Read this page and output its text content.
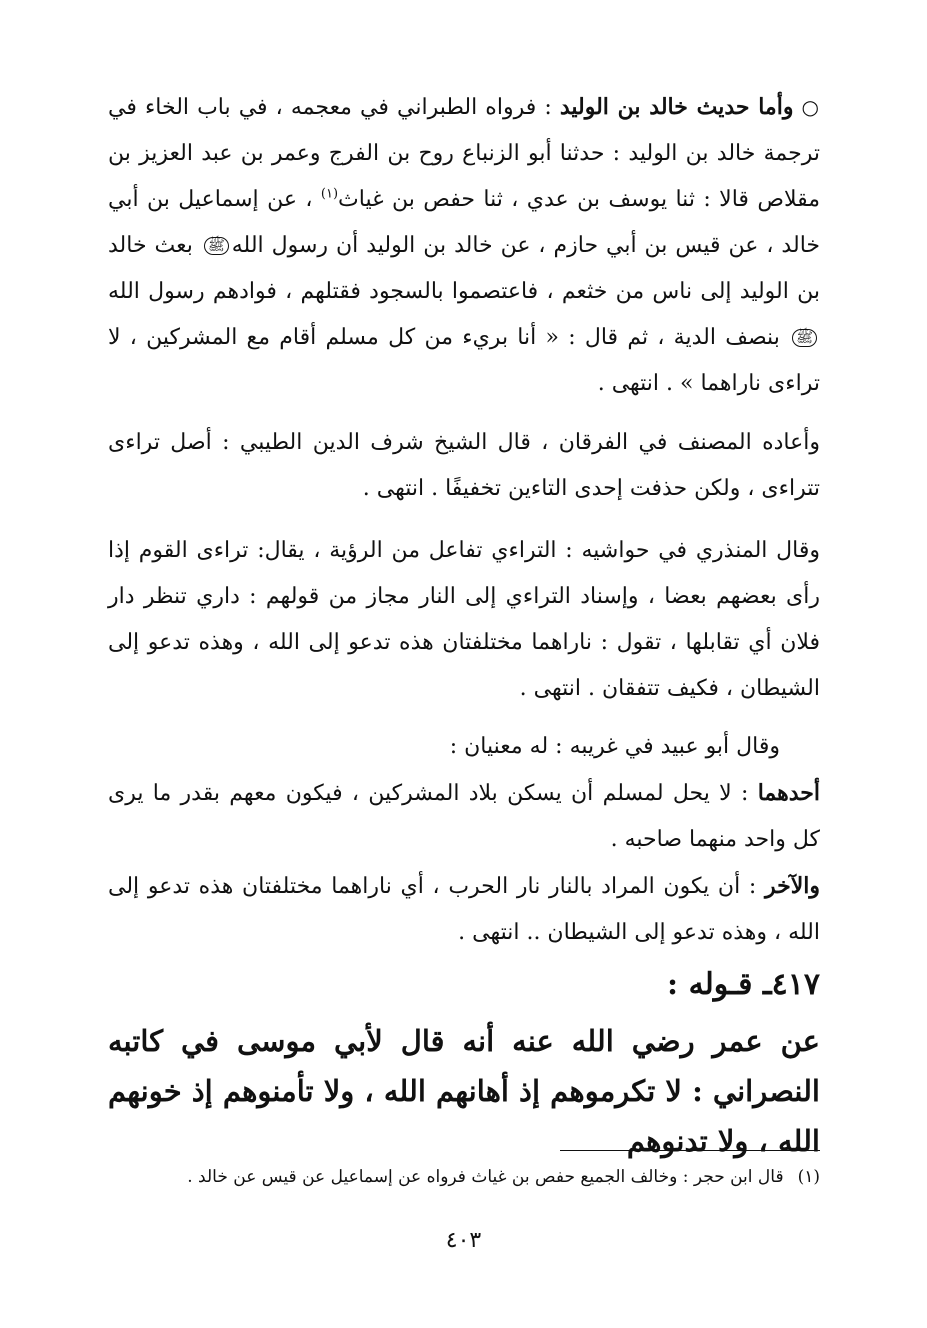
○وأما حديث خالد بن الوليد : فرواه الطبراني في معجمه ، في باب الخاء في ترجمة خالد بن الوليد : حدثنا أبو الزنباع روح بن الفرج وعمر بن عبد العزيز بن مقلاص قالا : ثنا يوسف بن عدي ، ثنا حفص بن غياث$^{(١)}$ ، عن إسماعيل بن أبي خالد ، عن قيس بن أبي حازم ، عن خالد بن الوليد أن رسول اللهﷺ بعث خالد بن الوليد إلى ناس من خثعم ، فاعتصموا بالسجود فقتلهم ، فوادهم رسول اللهﷺ بنصف الدية ، ثم قال : « أنا بريء من كل مسلم أقام مع المشركين ، لا تراءى ناراهما » . انتهى .

وأعاده المصنف في الفرقان ، قال الشيخ شرف الدين الطيبي : أصل تراءى تتراءى ، ولكن حذفت إحدى التاءين تخفيفًا . انتهى .

وقال المنذري في حواشيه : التراءي تفاعل من الرؤية ، يقال: تراءى القوم إذا رأى بعضهم بعضا ، وإسناد التراءي إلى النار مجاز من قولهم : داري تنظر دار فلان أي تقابلها ، تقول : ناراهما مختلفتان هذه تدعو إلى الله ، وهذه تدعو إلى الشيطان ، فكيف تتفقان . انتهى .

وقال أبو عبيد في غريبه : له معنيان :

أحدهما : لا يحل لمسلم أن يسكن بلاد المشركين ، فيكون معهم بقدر ما يرى كل واحد منهما صاحبه .

والآخر : أن يكون المراد بالنار نار الحرب ، أي ناراهما مختلفتان هذه تدعو إلى الله ، وهذه تدعو إلى الشيطان .. انتهى .

٤١٧ـ قـوله :

عن عمر رضي الله عنه أنه قال لأبي موسى في كاتبه النصراني : لا تكرموهم إذ أهانهم الله ، ولا تأمنوهم إذ خونهم الله ، ولا تدنوهم

(١)قال ابن حجر : وخالف الجميع حفص بن غياث فرواه عن إسماعيل عن قيس عن خالد .
٤٠٣
